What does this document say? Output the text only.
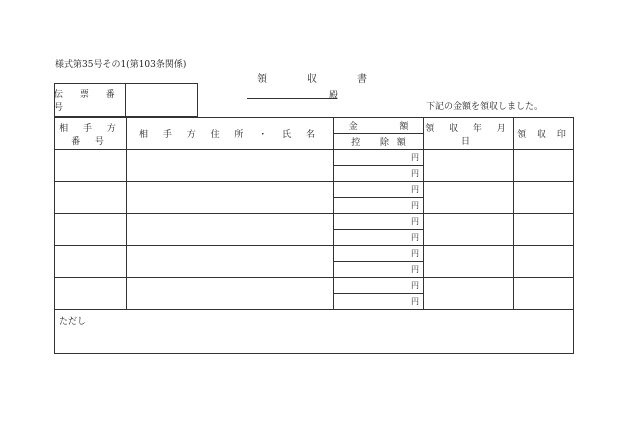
様式第35号その1(第103条関係)
領	収	書
伝 票 番 号
殿
下記の金額を領収しました。
相 手 方 番 号	相 手 方 住 所 ・ 氏 名	金 額	領 収 年 月 日	領 収 印
		控 除 額		
		円		
		円		
		円		
		円		
		円		
		円		
		円		
		円		
		円		
		円		
ただし				
